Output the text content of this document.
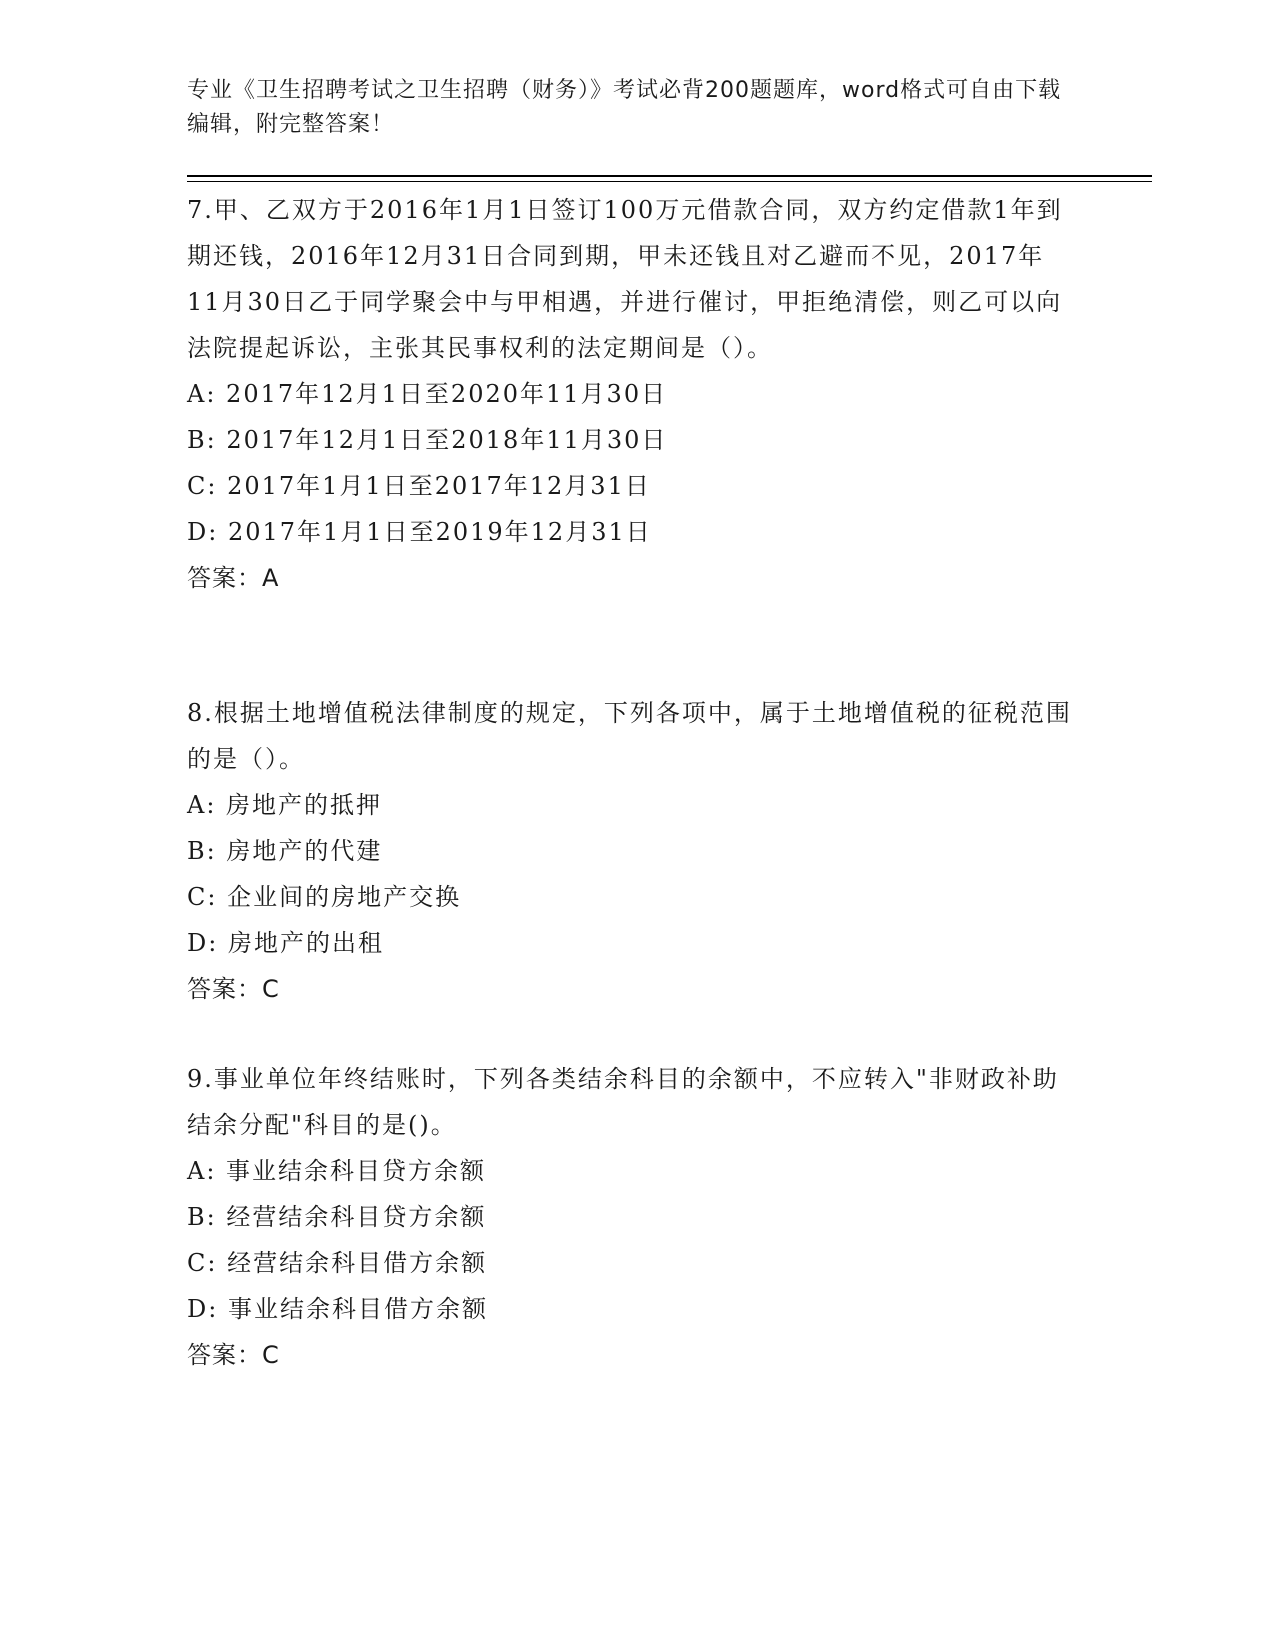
专业《卫生招聘考试之卫生招聘（财务）》考试必背200题题库，word格式可自由下载编辑，附完整答案！

7.甲、乙双方于2016年1月1日签订100万元借款合同，双方约定借款1年到期还钱，2016年12月31日合同到期，甲未还钱且对乙避而不见，2017年11月30日乙于同学聚会中与甲相遇，并进行催讨，甲拒绝清偿，则乙可以向法院提起诉讼，主张其民事权利的法定期间是（）。

A: 2017年12月1日至2020年11月30日

B: 2017年12月1日至2018年11月30日

C: 2017年1月1日至2017年12月31日

D: 2017年1月1日至2019年12月31日

答案：A

8.根据土地增值税法律制度的规定，下列各项中，属于土地增值税的征税范围的是（）。

A: 房地产的抵押

B: 房地产的代建

C: 企业间的房地产交换

D: 房地产的出租

答案：C

9.事业单位年终结账时，下列各类结余科目的余额中，不应转入"非财政补助结余分配"科目的是()。

A: 事业结余科目贷方余额

B: 经营结余科目贷方余额

C: 经营结余科目借方余额

D: 事业结余科目借方余额

答案：C
